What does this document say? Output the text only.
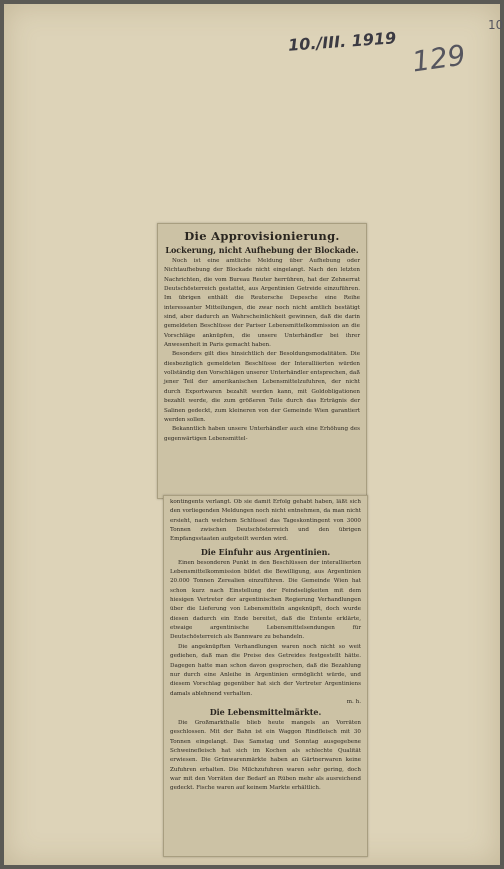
10./III. 1919 129
10
Die Approvisionierung.
Lockerung, nicht Aufhebung der Blockade.

Noch ist eine amtliche Meldung über Aufhebung oder Nichtaufhebung der Blockade nicht eingelangt. Nach den letzten Nachrichten, die vom Bureau Reuter herrühren, hat der Zehnerrat Deutschösterreich gestattet, aus Argentinien Getreide einzuführen. Im übrigen enthält die Reutersche Depesche eine Reihe interessanter Mitteilungen, die zwar noch nicht amtlich bestätigt sind, aber dadurch an Wahrscheinlichkeit gewinnen, daß die darin gemeldeten Beschlüsse der Pariser Lebensmittelkommission an die Vorschläge anknüpfen, die unsere Unterhändler bei ihrer Anwesenheit in Paris gemacht haben.

Besonders gilt dies hinsichtlich der Besoldungsmodalitäten. Die diesbezüglich gemeldeten Beschlüsse der Interalliierten würden vollständig den Vorschlägen unserer Unterhändler entsprechen, daß jener Teil der amerikanischen Lebensmittelzufuhren, der nicht durch Exportwaren bezahlt werden kann, mit Goldobligationen bezahlt werde, die zum größeren Teile durch das Erträgnis der Salinen gedeckt, zum kleineren von der Gemeinde Wien garantiert werden sollen.

Bekanntlich haben unsere Unterhändler auch eine Erhöhung des gegenwärtigen Lebensmittel-

kontingents verlangt. Ob sie damit Erfolg gehabt haben, läßt sich den vorliegenden Meldungen noch nicht entnehmen, da man nicht ersieht, nach welchem Schlüssel das Tageskontingent von 3000 Tonnen zwischen Deutschösterreich und den übrigen Empfangsstaaten aufgeteilt werden wird.

Die Einfuhr aus Argentinien.

Einen besonderen Punkt in den Beschlüssen der interalliierten Lebensmittelkommission bildet die Bewilligung, aus Argentinien 20.000 Tonnen Zerealien einzuführen. Die Gemeinde Wien hat schon kurz nach Einstellung der Feindseligkeiten mit dem hiesigen Vertreter der argentinischen Regierung Verhandlungen über die Lieferung von Lebensmitteln angeknüpft, doch wurde diesen dadurch ein Ende bereitet, daß die Entente erklärte, etwaige argentinische Lebensmittelsendungen für Deutschösterreich als Bannware zu behandeln.

Die angeknüpften Verhandlungen waren noch nicht so weit gediehen, daß man die Preise des Getreides festgestellt hätte. Dagegen hatte man schon davon gesprochen, daß die Bezahlung nur durch eine Anleihe in Argentinien ermöglicht würde, und diesem Vorschlag gegenüber hat sich der Vertreter Argentiniens damals ablehnend verhalten.

m. h.

Die Lebensmittelmärkte.

Die Großmarkthalle blieb heute mangels an Vorräten geschlossen. Mit der Bahn ist ein Waggon Rindfleisch mit 30 Tonnen eingelangt. Das Samstag und Sonntag ausgegebene Schweinefleisch hat sich im Kochen als schlechte Qualität erwiesen. Die Grünwarenmärkte haben an Gärtnerwaren keine Zufuhren erhalten. Die Milchzufuhren waren sehr gering, doch war mit den Vorräten der Bedarf an Rüben mehr als ausreichend gedeckt. Fische waren auf keinem Markte erhältlich.
